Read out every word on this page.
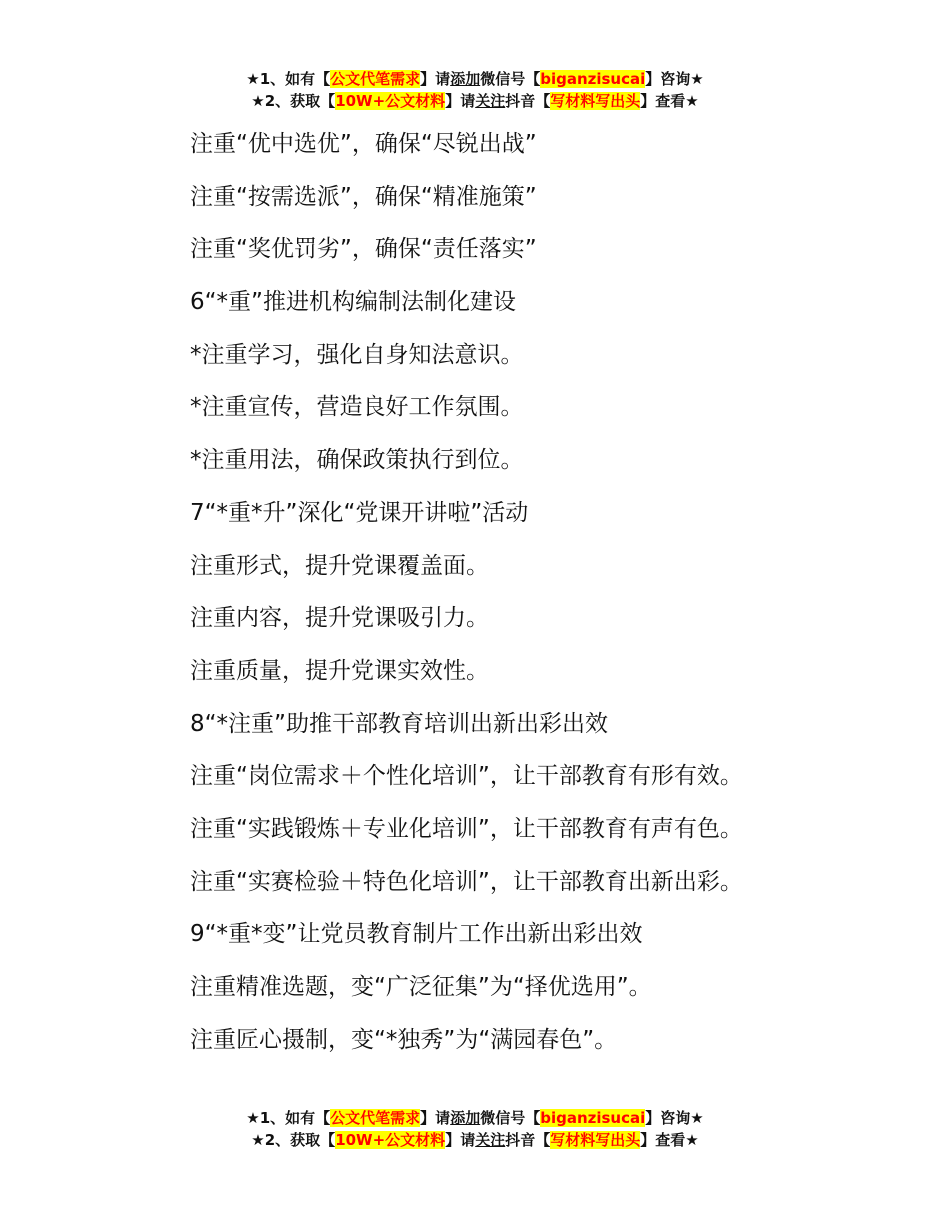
★1、如有【公文代笔需求】请添加微信号【biganzisucai】咨询★
★2、获取【10W+公文材料】请关注抖音【写材料写出头】查看★
注重“优中选优”，确保“尽锐出战”
注重“按需选派”，确保“精准施策”
注重“奖优罚劣”，确保“责任落实”
6“*重”推进机构编制法制化建设
*注重学习，强化自身知法意识。
*注重宣传，营造良好工作氛围。
*注重用法，确保政策执行到位。
7“*重*升”深化“党课开讲啦”活动
注重形式，提升党课覆盖面。
注重内容，提升党课吸引力。
注重质量，提升党课实效性。
8“*注重”助推干部教育培训出新出彩出效
注重“岗位需求＋个性化培训”，让干部教育有形有效。
注重“实践锻炼＋专业化培训”，让干部教育有声有色。
注重“实赛检验＋特色化培训”，让干部教育出新出彩。
9“*重*变”让党员教育制片工作出新出彩出效
注重精准选题，变“广泛征集”为“择优选用”。
注重匠心摄制，变“*独秀”为“满园春色”。
★1、如有【公文代笔需求】请添加微信号【biganzisucai】咨询★
★2、获取【10W+公文材料】请关注抖音【写材料写出头】查看★
